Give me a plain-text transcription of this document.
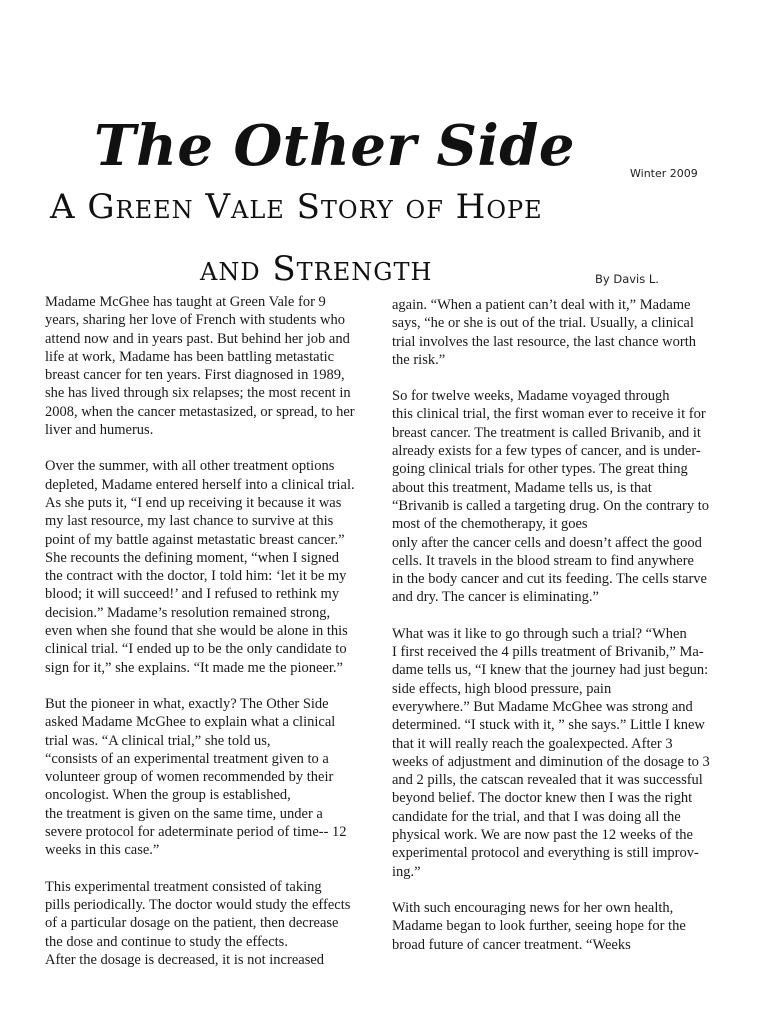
The Other Side	Winter 2009
A Green Vale Story of Hope
and Strength	By Davis L.

Madame McGhee has taught at Green Vale for 9
years, sharing her love of French with students who
attend now and in years past. But behind her job and
life at work, Madame has been battling metastatic
breast cancer for ten years. First diagnosed in 1989,
she has lived through six relapses; the most recent in
2008, when the cancer metastasized, or spread, to her
liver and humerus.

Over the summer, with all other treatment options
depleted, Madame entered herself into a clinical trial.
As she puts it, “I end up receiving it because it was
my last resource, my last chance to survive at this
point of my battle against metastatic breast cancer.”
She recounts the defining moment, “when I signed
the contract with the doctor, I told him: ‘let it be my
blood; it will succeed!’ and I refused to rethink my
decision.” Madame’s resolution remained strong,
even when she found that she would be alone in this
clinical trial. “I ended up to be the only candidate to
sign for it,” she explains. “It made me the pioneer.”

But the pioneer in what, exactly? The Other Side
asked Madame McGhee to explain what a clinical
trial was. “A clinical trial,” she told us,
“consists of an experimental treatment given to a
volunteer group of women recommended by their
oncologist. When the group is established,
the treatment is given on the same time, under a
severe protocol for adeterminate period of time-- 12
weeks in this case.”

This experimental treatment consisted of taking
pills periodically. The doctor would study the effects
of a particular dosage on the patient, then decrease
the dose and continue to study the effects.
After the dosage is decreased, it is not increased

again. “When a patient can’t deal with it,” Madame
says, “he or she is out of the trial. Usually, a clinical
trial involves the last resource, the last chance worth
the risk.”

So for twelve weeks, Madame voyaged through
this clinical trial, the first woman ever to receive it for
breast cancer. The treatment is called Brivanib, and it
already exists for a few types of cancer, and is under-
going clinical trials for other types. The great thing
about this treatment, Madame tells us, is that
“Brivanib is called a targeting drug. On the contrary to
most of the chemotherapy, it goes
only after the cancer cells and doesn’t affect the good
cells. It travels in the blood stream to find anywhere
in the body cancer and cut its feeding. The cells starve
and dry. The cancer is eliminating.”

What was it like to go through such a trial? “When
I first received the 4 pills treatment of Brivanib,” Ma-
dame tells us, “I knew that the journey had just begun:
side effects, high blood pressure, pain
everywhere.” But Madame McGhee was strong and
determined. “I stuck with it, ” she says.” Little I knew
that it will really reach the goalexpected. After 3
weeks of adjustment and diminution of the dosage to 3
and 2 pills, the catscan revealed that it was successful
beyond belief. The doctor knew then I was the right
candidate for the trial, and that I was doing all the
physical work. We are now past the 12 weeks of the
experimental protocol and everything is still improv-
ing.”

With such encouraging news for her own health,
Madame began to look further, seeing hope for the
broad future of cancer treatment. “Weeks
